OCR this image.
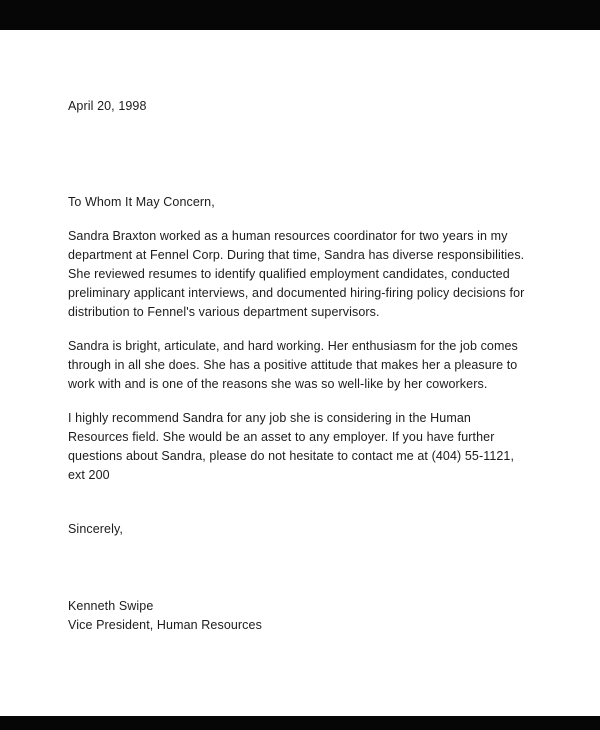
April 20, 1998

To Whom It May Concern,

Sandra Braxton worked as a human resources coordinator for two years in my department at Fennel Corp. During that time, Sandra has diverse responsibilities. She reviewed resumes to identify qualified employment candidates, conducted preliminary applicant interviews, and documented hiring-firing policy decisions for distribution to Fennel's various department supervisors.

Sandra is bright, articulate, and hard working. Her enthusiasm for the job comes through in all she does. She has a positive attitude that makes her a pleasure to work with and is one of the reasons she was so well-like by her coworkers.

I highly recommend Sandra for any job she is considering in the Human Resources field. She would be an asset to any employer. If you have further questions about Sandra, please do not hesitate to contact me at (404) 55-1121, ext 200

Sincerely,

Kenneth Swipe

Vice President, Human Resources
